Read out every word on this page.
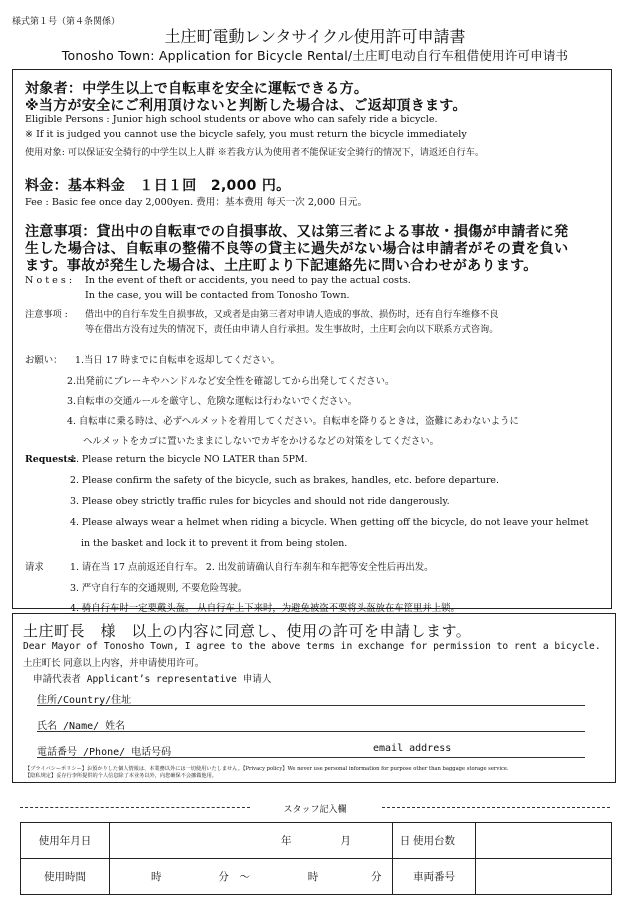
様式第１号（第４条関係）
土庄町電動レンタサイクル使用許可申請書
Tonosho Town: Application for Bicycle Rental/土庄町电动自行车租借使用许可申请书
対象者：中学生以上で自転車を安全に運転できる方。
※当方が安全にご利用頂けないと判断した場合は、ご返却頂きます。
Eligible Persons : Junior high school students or above who can safely ride a bicycle.
※ If it is judged you cannot use the bicycle safely, you must return the bicycle immediately
使用对象: 可以保证安全骑行的中学生以上人群 ※若我方认为使用者不能保证安全骑行的情况下，请返还自行车。
料金：基本料金　１日１回　2,000 円。
Fee : Basic fee once day 2,000yen. 费用：基本费用 每天一次 2,000 日元。
注意事項：貸出中の自転車での自損事故、又は第三者による事故・損傷が申請者に発
生した場合は、自転車の整備不良等の貸主に過失がない場合は申請者がその責を負い
ます。事故が発生した場合は、土庄町より下記連絡先に問い合わせがあります。
N o t e s : In the event of theft or accidents, you need to pay the actual costs.
In the case, you will be contacted from Tonosho Town.
注意事项 : 借出中的自行车发生自损事故，又或者是由第三者对申请人造成的事故、损伤时，还有自行车维修不良
等在借出方没有过失的情况下，责任由申请人自行承担。发生事故时，土庄町会向以下联系方式咨询。
お願い： 1.当日 17 時までに自転車を返却してください。
2.出発前にブレーキやハンドルなど安全性を確認してから出発してください。
3.自転車の交通ルールを厳守し、危険な運転は行わないでください。
4. 自転車に乗る時は、必ずヘルメットを着用してください。自転車を降りるときは，盗難にあわないように
ヘルメットをカゴに置いたままにしないでカギをかけるなどの対策をしてください。
Requests:
1. Please return the bicycle NO LATER than 5PM.
2. Please confirm the safety of the bicycle, such as brakes, handles, etc. before departure.
3. Please obey strictly traffic rules for bicycles and should not ride dangerously.
4. Please always wear a helmet when riding a bicycle. When getting off the bicycle, do not leave your helmet
in the basket and lock it to prevent it from being stolen.
请求	1. 请在当 17 点前返还自行车。 2. 出发前请确认自行车刹车和车把等安全性后再出发。
3. 严守自行车的交通规则, 不要危险驾驶。
4. 骑自行车时一定要戴头盔。 从自行车上下来时，为避免被盗不要将头盔放在车筐里并上锁。
土庄町長　様　以上の内容に同意し、使用の許可を申請します。
Dear Mayor of Tonosho Town, I agree to the above terms in exchange for permission to rent a bicycle.
土庄町长 同意以上内容，并申请使用许可。
申請代表者 Applicant’s representative 申请人
住所/Country/住址
氏名 /Name/ 姓名
電話番号 /Phone/ 电话号码	email address
【プライバシーポリシー】お預かりした個人情報は、本業務以外には一切使用いたしません。【Privacy policy】We never use personal information for purpose other than baggage storage service.
【隐私规定】妥存行李所提供的个人信息除了本业务以外，向您确保不会挪做他用。
スタッフ記入欄
使用年月日	年 月 日	使用台数	
使用時間	時 分　～ 時 分	車両番号	
